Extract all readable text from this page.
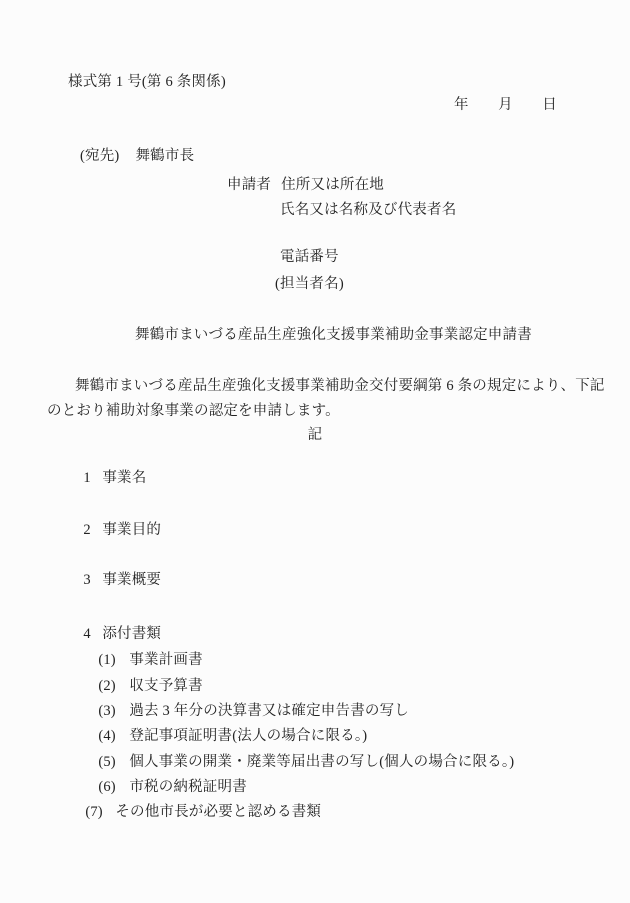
様式第 1 号(第 6 条関係)
年　　月　　日
(宛先) 舞鶴市長
申請者 住所又は所在地
氏名又は名称及び代表者名
電話番号
(担当者名)
舞鶴市まいづる産品生産強化支援事業補助金事業認定申請書
舞鶴市まいづる産品生産強化支援事業補助金交付要綱第 6 条の規定により、下記
のとおり補助対象事業の認定を申請します。
記

1 事業名

2 事業目的

3 事業概要

4 添付書類

(1) 事業計画書

(2) 収支予算書

(3) 過去 3 年分の決算書又は確定申告書の写し

(4) 登記事項証明書(法人の場合に限る。)

(5) 個人事業の開業・廃業等届出書の写し(個人の場合に限る。)

(6) 市税の納税証明書

(7) その他市長が必要と認める書類
